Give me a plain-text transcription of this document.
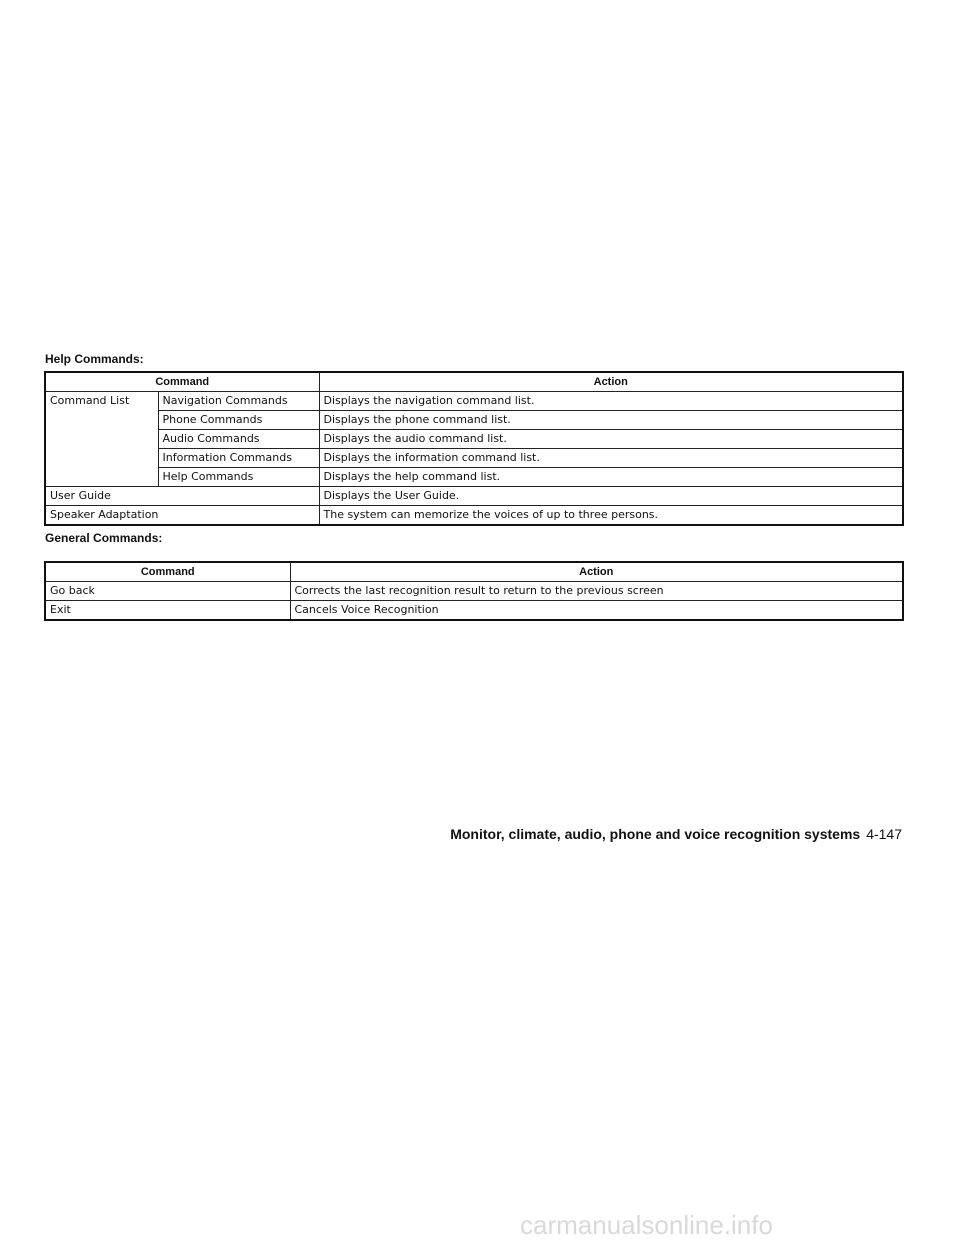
Help Commands:
Command		Action
Command List	Navigation Commands	Displays the navigation command list.
	Phone Commands	Displays the phone command list.
	Audio Commands	Displays the audio command list.
	Information Commands	Displays the information command list.
	Help Commands	Displays the help command list.
User Guide		Displays the User Guide.
Speaker Adaptation		The system can memorize the voices of up to three persons.
General Commands:
Command	Action
Go back	Corrects the last recognition result to return to the previous screen
Exit	Cancels Voice Recognition
Monitor, climate, audio, phone and voice recognition systems 4-147
carmanualsonline.info
